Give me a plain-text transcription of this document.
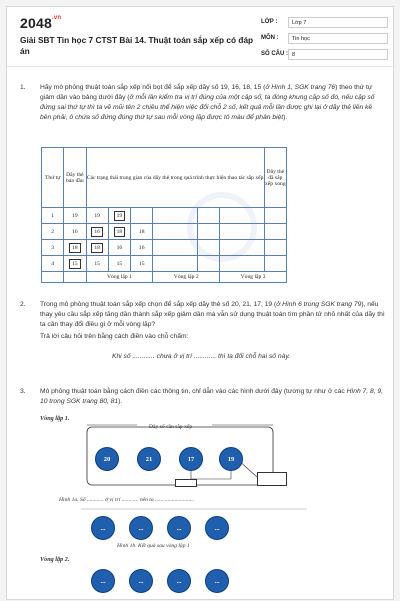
$2048^{.vn}$
Giải SBT Tin học 7 CTST Bài 14. Thuật toán sắp xếp có đáp án
LỚP :	Lớp 7
MÔN :	Tin học
SỐ CÂU : 8
1. Hãy mô phỏng thuật toán sắp xếp nổi bọt để sắp xếp dãy số 19, 16, 18, 15 (ở Hình 1, SGK trang 76) theo thứ tự giảm dần vào bảng dưới đây (ở mỗi lần kiểm tra vị trí đúng của một cặp số, ta đóng khung cặp số đó, nếu cặp số đứng sai thứ tự thì ta vẽ mũi tên 2 chiều thể hiện việc đổi chỗ 2 số, kết quả mỗi lần được ghi lại ở dãy thẻ liền kề bên phải, ô chứa số đứng đúng thứ tự sau mỗi vòng lặp được tô màu để phân biệt).
Thứ tự	Dãy thẻ ban đầu	Các trạng thái trung gian của dãy thẻ trong quá trình thực hiện thao tác sắp xếp						Dãy thẻ đã sắp xếp xong
1	19	19	19					
2	16	16	18	18				
3	18	18	16	16				
4	15	15	15	15				
		Vòng lặp 1			Vòng lặp 2		Vòng lặp 3	
2. Trong mô phỏng thuật toán sắp xếp chọn để sắp xếp dãy thẻ số 20, 21, 17, 19 (ở Hình 6 trong SGK trang 79), nếu thay yêu cầu sắp xếp tăng dần thành sắp xếp giảm dần mà vẫn sử dụng thuật toán tìm phần tử nhỏ nhất của dãy thì ta cần thay đổi điều gì ở mỗi vòng lặp?
Trả lời câu hỏi trên bằng cách điền vào chỗ chấm:
Khi số ............ chưa ở vị trí ............ thì ta đổi chỗ hai số này.
3. Mô phỏng thuật toán bằng cách điền các thông tin, chỉ dẫn vào các hình dưới đây (tương tự như ở các Hình 7, 8, 9, 10 trong SGK trang 80, 81).
Vòng lặp 1.
Dãy số cần sắp xếp
20	21	17	19
Hình 1a. Số ............ ở vị trí ............ nên ta ............................
...	...	...	...
Hình 1b. Kết quả sau vòng lặp 1
Vòng lặp 2.
...	...	...	...
